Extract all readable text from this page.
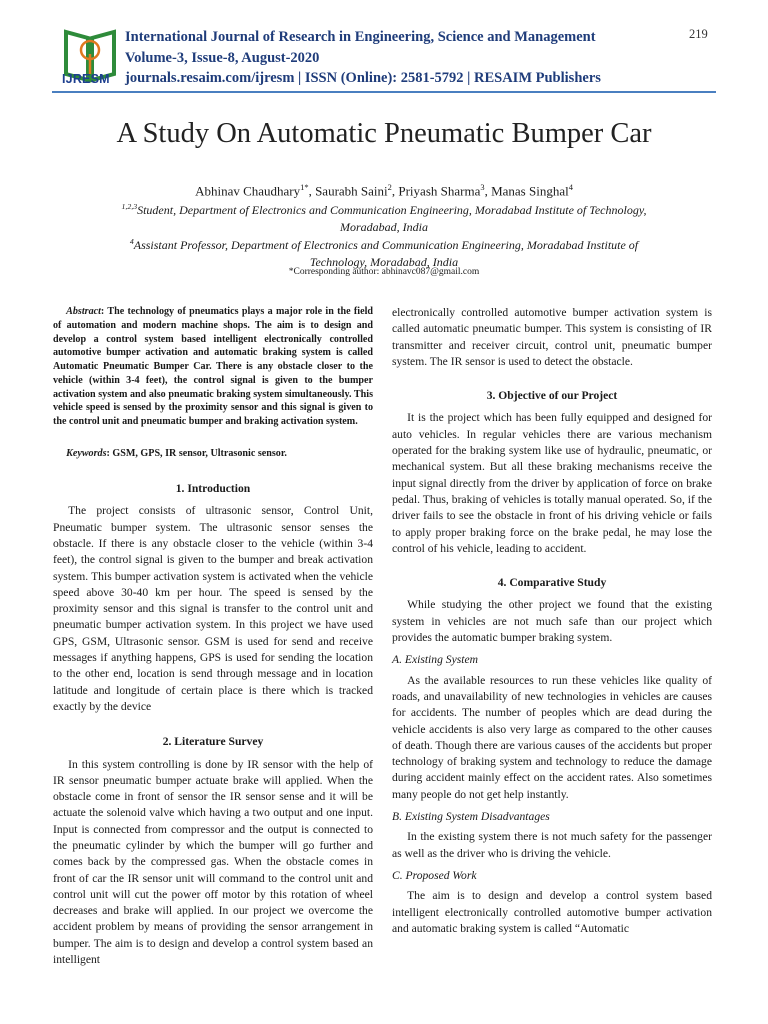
IJRESM
International Journal of Research in Engineering, Science and Management
Volume-3, Issue-8, August-2020
journals.resaim.com/ijresm | ISSN (Online): 2581-5792 | RESAIM Publishers
219
A Study On Automatic Pneumatic Bumper Car
Abhinav Chaudhary$^{1*}$, Saurabh Saini$^2$, Priyash Sharma$^3$, Manas Singhal$^4$
$^{1,2,3}$Student, Department of Electronics and Communication Engineering, Moradabad Institute of Technology,
Moradabad, India
$^4$Assistant Professor, Department of Electronics and Communication Engineering, Moradabad Institute of
Technology, Moradabad, India
*Corresponding author: abhinavc087@gmail.com

Abstract: The technology of pneumatics plays a major role in the field of automation and modern machine shops. The aim is to design and develop a control system based intelligent electronically controlled automotive bumper activation and automatic braking system is called Automatic Pneumatic Bumper Car. There is any obstacle closer to the vehicle (within 3-4 feet), the control signal is given to the bumper activation system and also pneumatic braking system simultaneously. This vehicle speed is sensed by the proximity sensor and this signal is given to the control unit and pneumatic bumper and braking activation system.

Keywords: GSM, GPS, IR sensor, Ultrasonic sensor.

1. Introduction

The project consists of ultrasonic sensor, Control Unit, Pneumatic bumper system. The ultrasonic sensor senses the obstacle. If there is any obstacle closer to the vehicle (within 3-4 feet), the control signal is given to the bumper and break activation system. This bumper activation system is activated when the vehicle speed above 30-40 km per hour. The speed is sensed by the proximity sensor and this signal is transfer to the control unit and pneumatic bumper activation system. In this project we have used GPS, GSM, Ultrasonic sensor. GSM is used for send and receive messages if anything happens, GPS is used for sending the location to the other end, location is send through message and in location latitude and longitude of certain place is there which is tracked exactly by the device

2. Literature Survey

In this system controlling is done by IR sensor with the help of IR sensor pneumatic bumper actuate brake will applied. When the obstacle come in front of sensor the IR sensor sense and it will be actuate the solenoid valve which having a two output and one input. Input is connected from compressor and the output is connected to the pneumatic cylinder by which the bumper will go further and comes back by the compressed gas. When the obstacle comes in front of car the IR sensor unit will command to the control unit and control unit will cut the power off motor by this rotation of wheel decreases and brake will applied. In our project we overcome the accident problem by means of providing the sensor arrangement in bumper. The aim is to design and develop a control system based an intelligent

electronically controlled automotive bumper activation system is called automatic pneumatic bumper. This system is consisting of IR transmitter and receiver circuit, control unit, pneumatic bumper system. The IR sensor is used to detect the obstacle.

3. Objective of our Project

It is the project which has been fully equipped and designed for auto vehicles. In regular vehicles there are various mechanism operated for the braking system like use of hydraulic, pneumatic, or mechanical system. But all these braking mechanisms receive the input signal directly from the driver by application of force on brake pedal. Thus, braking of vehicles is totally manual operated. So, if the driver fails to see the obstacle in front of his driving vehicle or fails to apply proper braking force on the brake pedal, he may lose the control of his vehicle, leading to accident.

4. Comparative Study

While studying the other project we found that the existing system in vehicles are not much safe than our project which provides the automatic bumper braking system.

A. Existing System

As the available resources to run these vehicles like quality of roads, and unavailability of new technologies in vehicles are causes for accidents. The number of peoples which are dead during the vehicle accidents is also very large as compared to the other causes of death. Though there are various causes of the accidents but proper technology of braking system and technology to reduce the damage during accident mainly effect on the accident rates. Also sometimes many people do not get help instantly.

B. Existing System Disadvantages

In the existing system there is not much safety for the passenger as well as the driver who is driving the vehicle.

C. Proposed Work

The aim is to design and develop a control system based intelligent electronically controlled automotive bumper activation and automatic braking system is called “Automatic
